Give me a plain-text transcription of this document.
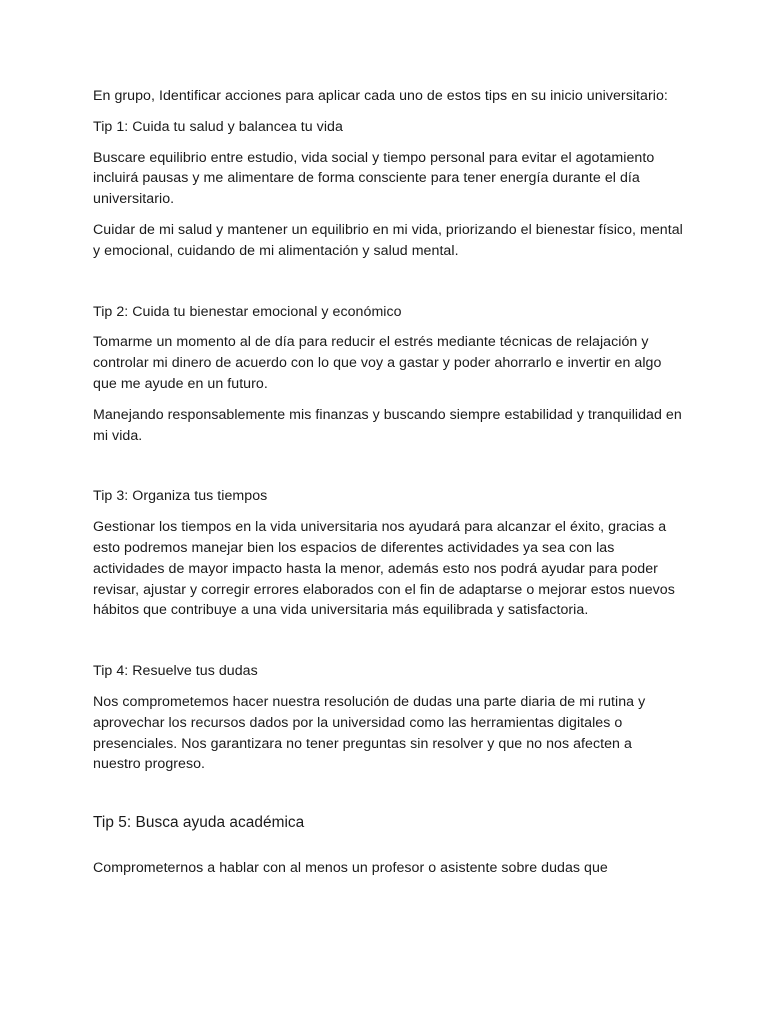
En grupo, Identificar acciones para aplicar cada uno de estos tips en su inicio universitario:

Tip 1: Cuida tu salud y balancea tu vida

Buscare equilibrio entre estudio, vida social y tiempo personal para evitar el agotamiento incluirá pausas y me alimentare de forma consciente para tener energía durante el día universitario.

Cuidar de mi salud y mantener un equilibrio en mi vida, priorizando el bienestar físico, mental y emocional, cuidando de mi alimentación y salud mental.

Tip 2: Cuida tu bienestar emocional y económico

Tomarme un momento al de día para reducir el estrés mediante técnicas de relajación y controlar mi dinero de acuerdo con lo que voy a gastar y poder ahorrarlo e invertir en algo que me ayude en un futuro.

Manejando responsablemente mis finanzas y buscando siempre estabilidad y tranquilidad en mi vida.

Tip 3: Organiza tus tiempos

Gestionar los tiempos en la vida universitaria nos ayudará para alcanzar el éxito, gracias a esto podremos manejar bien los espacios de diferentes actividades ya sea con las actividades de mayor impacto hasta la menor, además esto nos podrá ayudar para poder revisar, ajustar y corregir errores elaborados con el fin de adaptarse o mejorar estos nuevos hábitos que contribuye a una vida universitaria más equilibrada y satisfactoria.

Tip 4: Resuelve tus dudas

Nos comprometemos hacer nuestra resolución de dudas una parte diaria de mi rutina y aprovechar los recursos dados por la universidad como las herramientas digitales o presenciales. Nos garantizara no tener preguntas sin resolver y que no nos afecten a nuestro progreso.

Tip 5: Busca ayuda académica

Comprometernos a hablar con al menos un profesor o asistente sobre dudas que
